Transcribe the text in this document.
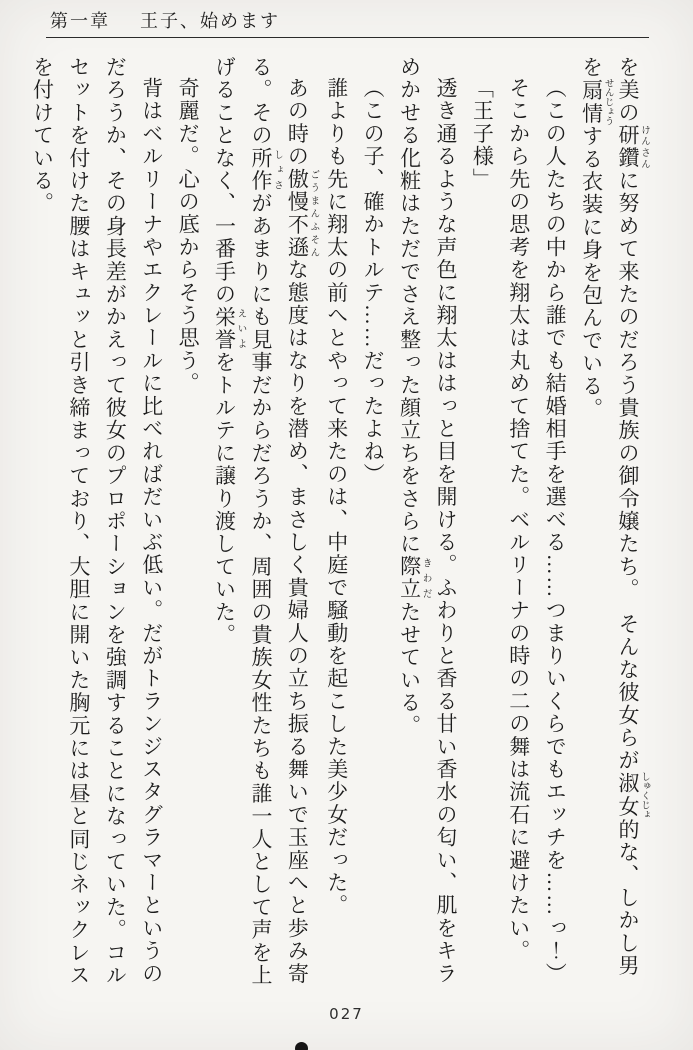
第一章 王子、始めます

を美の研鑽 けんさんに努めて来たのだろう貴族の御令嬢たち。　そんな彼女らが淑女 しゅくじょ的な、しかし男を扇情 せんじょうする衣装に身を包んでいる。

（この人たちの中から誰でも結婚相手を選べる……つまりいくらでもエッチを……っ！）

そこから先の思考を翔太は丸めて捨てた。ベルリーナの時の二の舞は流石に避けたい。

「王子様」

透き通るような声色に翔太ははっと目を開ける。ふわりと香る甘い香水の匂い、肌をキラめかせる化粧はただでさえ整った顔立ちをさらに際立 きわだたせている。

（この子、確かトルテ……だったよね）

誰よりも先に翔太の前へとやって来たのは、中庭で騒動を起こした美少女だった。

あの時の傲慢不遜 ごうまんふそんな態度はなりを潜め、まさしく貴婦人の立ち振る舞いで玉座へと歩み寄る。その所作 しょさがあまりにも見事だからだろうか、周囲の貴族女性たちも誰一人として声を上げることなく、一番手の栄誉 えいよをトルテに譲り渡していた。

奇麗だ。心の底からそう思う。

背はベルリーナやエクレールに比べればだいぶ低い。だがトランジスタグラマーというのだろうか、その身長差がかえって彼女のプロポーションを強調することになっていた。コルセットを付けた腰はキュッと引き締まっており、大胆に開いた胸元には昼と同じネックレスを付けている。

027
